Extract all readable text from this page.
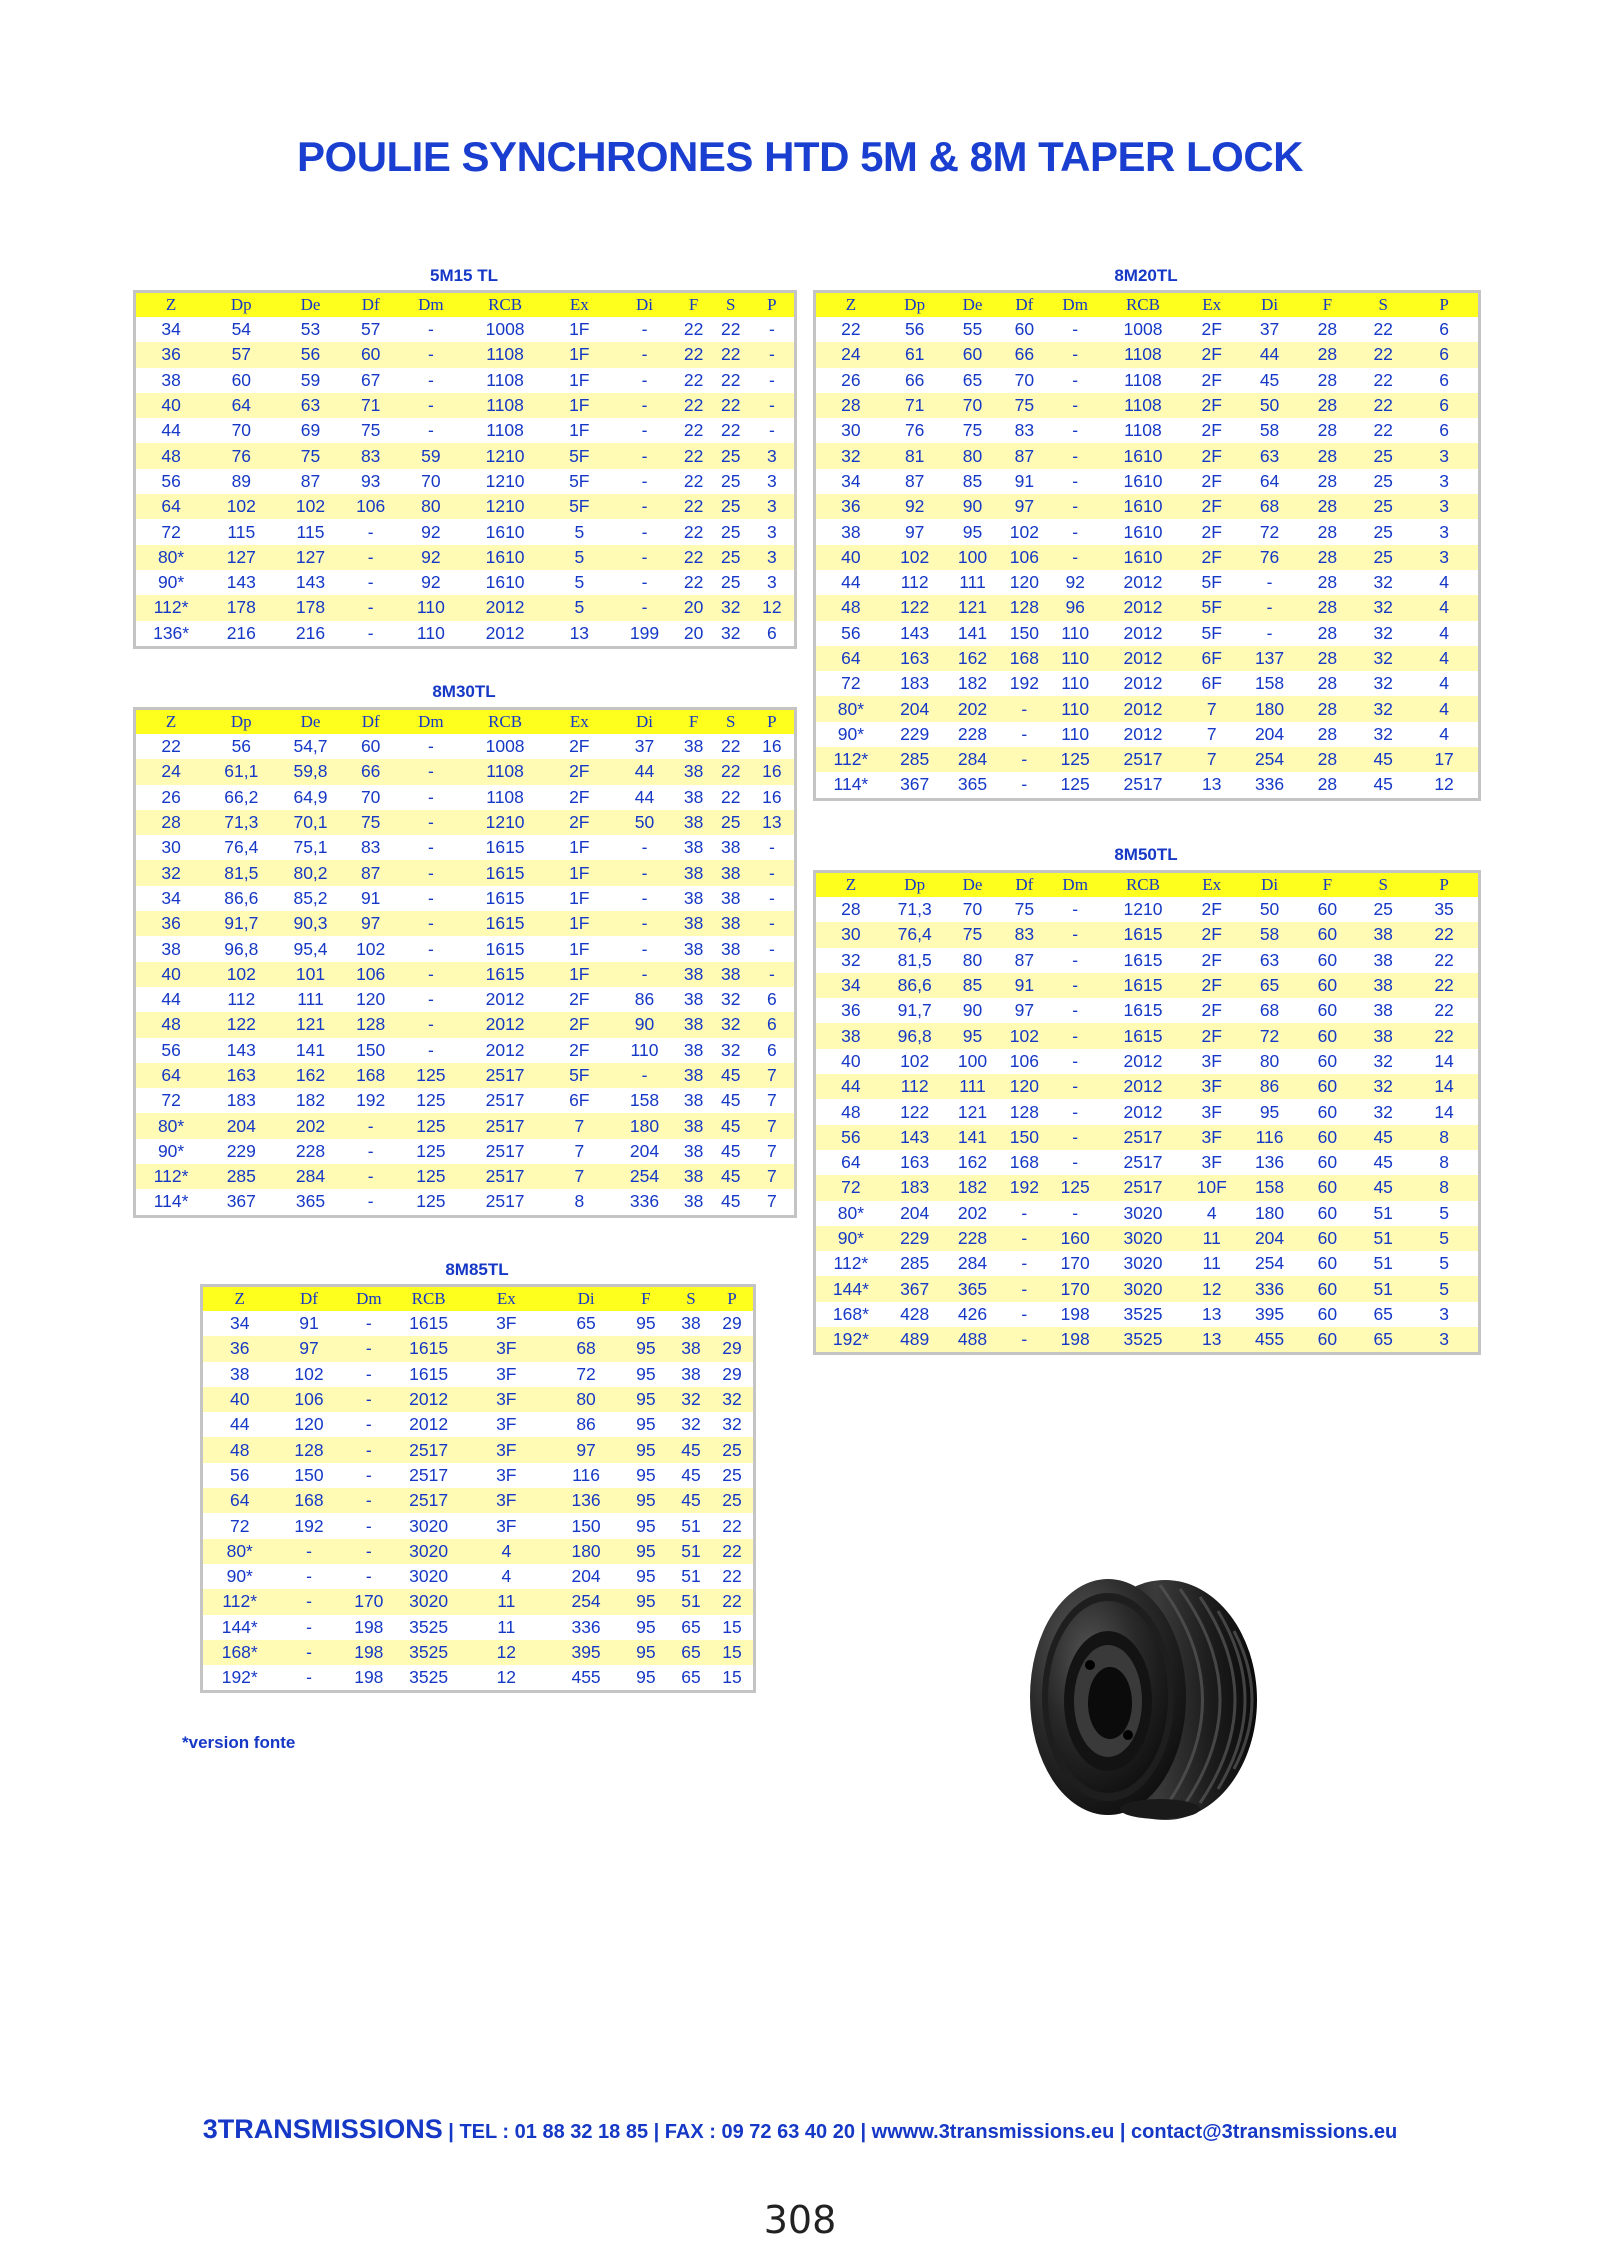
POULIE SYNCHRONES HTD 5M & 8M TAPER LOCK
5M15 TL
Z	Dp	De	Df	Dm	RCB	Ex	Di	F	S	P
34	54	53	57	-	1008	1F	-	22	22	-
36	57	56	60	-	1108	1F	-	22	22	-
38	60	59	67	-	1108	1F	-	22	22	-
40	64	63	71	-	1108	1F	-	22	22	-
44	70	69	75	-	1108	1F	-	22	22	-
48	76	75	83	59	1210	5F	-	22	25	3
56	89	87	93	70	1210	5F	-	22	25	3
64	102	102	106	80	1210	5F	-	22	25	3
72	115	115	-	92	1610	5	-	22	25	3
80*	127	127	-	92	1610	5	-	22	25	3
90*	143	143	-	92	1610	5	-	22	25	3
112*	178	178	-	110	2012	5	-	20	32	12
136*	216	216	-	110	2012	13	199	20	32	6
8M20TL
Z	Dp	De	Df	Dm	RCB	Ex	Di	F	S	P
22	56	55	60	-	1008	2F	37	28	22	6
24	61	60	66	-	1108	2F	44	28	22	6
26	66	65	70	-	1108	2F	45	28	22	6
28	71	70	75	-	1108	2F	50	28	22	6
30	76	75	83	-	1108	2F	58	28	22	6
32	81	80	87	-	1610	2F	63	28	25	3
34	87	85	91	-	1610	2F	64	28	25	3
36	92	90	97	-	1610	2F	68	28	25	3
38	97	95	102	-	1610	2F	72	28	25	3
40	102	100	106	-	1610	2F	76	28	25	3
44	112	111	120	92	2012	5F	-	28	32	4
48	122	121	128	96	2012	5F	-	28	32	4
56	143	141	150	110	2012	5F	-	28	32	4
64	163	162	168	110	2012	6F	137	28	32	4
72	183	182	192	110	2012	6F	158	28	32	4
80*	204	202	-	110	2012	7	180	28	32	4
90*	229	228	-	110	2012	7	204	28	32	4
112*	285	284	-	125	2517	7	254	28	45	17
114*	367	365	-	125	2517	13	336	28	45	12
8M30TL
Z	Dp	De	Df	Dm	RCB	Ex	Di	F	S	P
22	56	54,7	60	-	1008	2F	37	38	22	16
24	61,1	59,8	66	-	1108	2F	44	38	22	16
26	66,2	64,9	70	-	1108	2F	44	38	22	16
28	71,3	70,1	75	-	1210	2F	50	38	25	13
30	76,4	75,1	83	-	1615	1F	-	38	38	-
32	81,5	80,2	87	-	1615	1F	-	38	38	-
34	86,6	85,2	91	-	1615	1F	-	38	38	-
36	91,7	90,3	97	-	1615	1F	-	38	38	-
38	96,8	95,4	102	-	1615	1F	-	38	38	-
40	102	101	106	-	1615	1F	-	38	38	-
44	112	111	120	-	2012	2F	86	38	32	6
48	122	121	128	-	2012	2F	90	38	32	6
56	143	141	150	-	2012	2F	110	38	32	6
64	163	162	168	125	2517	5F	-	38	45	7
72	183	182	192	125	2517	6F	158	38	45	7
80*	204	202	-	125	2517	7	180	38	45	7
90*	229	228	-	125	2517	7	204	38	45	7
112*	285	284	-	125	2517	7	254	38	45	7
114*	367	365	-	125	2517	8	336	38	45	7
8M50TL
Z	Dp	De	Df	Dm	RCB	Ex	Di	F	S	P
28	71,3	70	75	-	1210	2F	50	60	25	35
30	76,4	75	83	-	1615	2F	58	60	38	22
32	81,5	80	87	-	1615	2F	63	60	38	22
34	86,6	85	91	-	1615	2F	65	60	38	22
36	91,7	90	97	-	1615	2F	68	60	38	22
38	96,8	95	102	-	1615	2F	72	60	38	22
40	102	100	106	-	2012	3F	80	60	32	14
44	112	111	120	-	2012	3F	86	60	32	14
48	122	121	128	-	2012	3F	95	60	32	14
56	143	141	150	-	2517	3F	116	60	45	8
64	163	162	168	-	2517	3F	136	60	45	8
72	183	182	192	125	2517	10F	158	60	45	8
80*	204	202	-	-	3020	4	180	60	51	5
90*	229	228	-	160	3020	11	204	60	51	5
112*	285	284	-	170	3020	11	254	60	51	5
144*	367	365	-	170	3020	12	336	60	51	5
168*	428	426	-	198	3525	13	395	60	65	3
192*	489	488	-	198	3525	13	455	60	65	3
8M85TL
Z	Df	Dm	RCB	Ex	Di	F	S	P
34	91	-	1615	3F	65	95	38	29
36	97	-	1615	3F	68	95	38	29
38	102	-	1615	3F	72	95	38	29
40	106	-	2012	3F	80	95	32	32
44	120	-	2012	3F	86	95	32	32
48	128	-	2517	3F	97	95	45	25
56	150	-	2517	3F	116	95	45	25
64	168	-	2517	3F	136	95	45	25
72	192	-	3020	3F	150	95	51	22
80*	-	-	3020	4	180	95	51	22
90*	-	-	3020	4	204	95	51	22
112*	-	170	3020	11	254	95	51	22
144*	-	198	3525	11	336	95	65	15
168*	-	198	3525	12	395	95	65	15
192*	-	198	3525	12	455	95	65	15
*version fonte
3TRANSMISSIONS | TEL : 01 88 32 18 85 | FAX : 09 72 63 40 20 | wwww.3transmissions.eu | contact@3transmissions.eu
308
